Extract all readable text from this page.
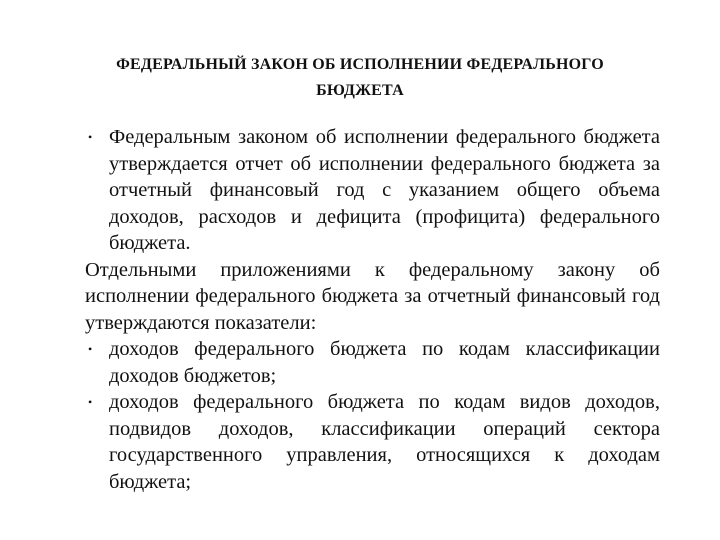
ФЕДЕРАЛЬНЫЙ ЗАКОН ОБ ИСПОЛНЕНИИ ФЕДЕРАЛЬНОГО
БЮДЖЕТА
• Федеральным законом об исполнении федерального бюджета утверждается отчет об исполнении федерального бюджета за отчетный финансовый год с указанием общего объема доходов, расходов и дефицита (профицита) федерального бюджета.

Отдельными приложениями к федеральному закону об исполнении федерального бюджета за отчетный финансовый год утверждаются показатели:

• доходов федерального бюджета по кодам классификации доходов бюджетов;
• доходов федерального бюджета по кодам видов доходов, подвидов доходов, классификации операций сектора государственного управления, относящихся к доходам бюджета;
